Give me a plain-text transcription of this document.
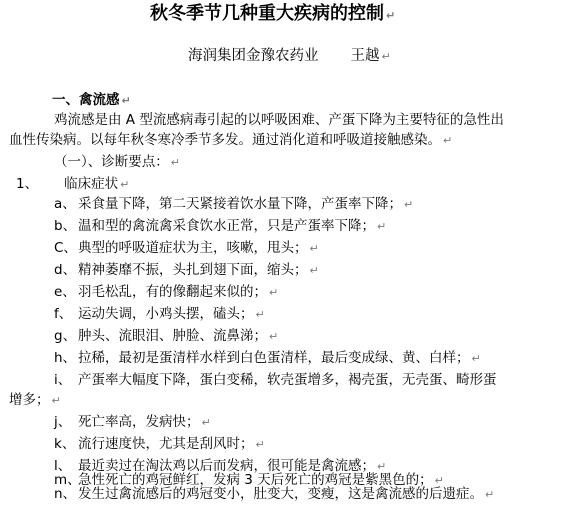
秋冬季节几种重大疾病的控制 ↵
海润集团金豫农药业 王越 ↵
一、禽流感 ↵
鸡流感是由 A 型流感病毒引起的以呼吸困难、产蛋下降为主要特征的急性出
血性传染病。以每年秋冬寒冷季节多发。通过消化道和呼吸道接触感染。 ↵
（一）、诊断要点： ↵
1、 临床症状 ↵
a、 采食量下降，第二天紧接着饮水量下降，产蛋率下降； ↵
b、 温和型的禽流禽采食饮水正常，只是产蛋率下降； ↵
C、典型的呼吸道症状为主，咳嗽，甩头； ↵
d、 精神萎靡不振，头扎到翅下面，缩头； ↵
e、 羽毛松乱，有的像翻起来似的； ↵
f、 运动失调，小鸡头摆，磕头； ↵
g、 肿头、流眼泪、肿脸、流鼻涕； ↵
h、 拉稀，最初是蛋清样水样到白色蛋清样，最后变成绿、黄、白样； ↵
i、 产蛋率大幅度下降，蛋白变稀，软壳蛋增多，褐壳蛋，无壳蛋、畸形蛋
增多； ↵
j、 死亡率高，发病快； ↵
k、 流行速度快，尤其是刮风时； ↵
l、 最近卖过在淘汰鸡以后而发病，很可能是禽流感； ↵
m、急性死亡的鸡冠鲜红，发病 3 天后死亡的鸡冠是紫黑色的； ↵
n、 发生过禽流感后的鸡冠变小，肚变大，变瘦，这是禽流感的后遗症。 ↵
